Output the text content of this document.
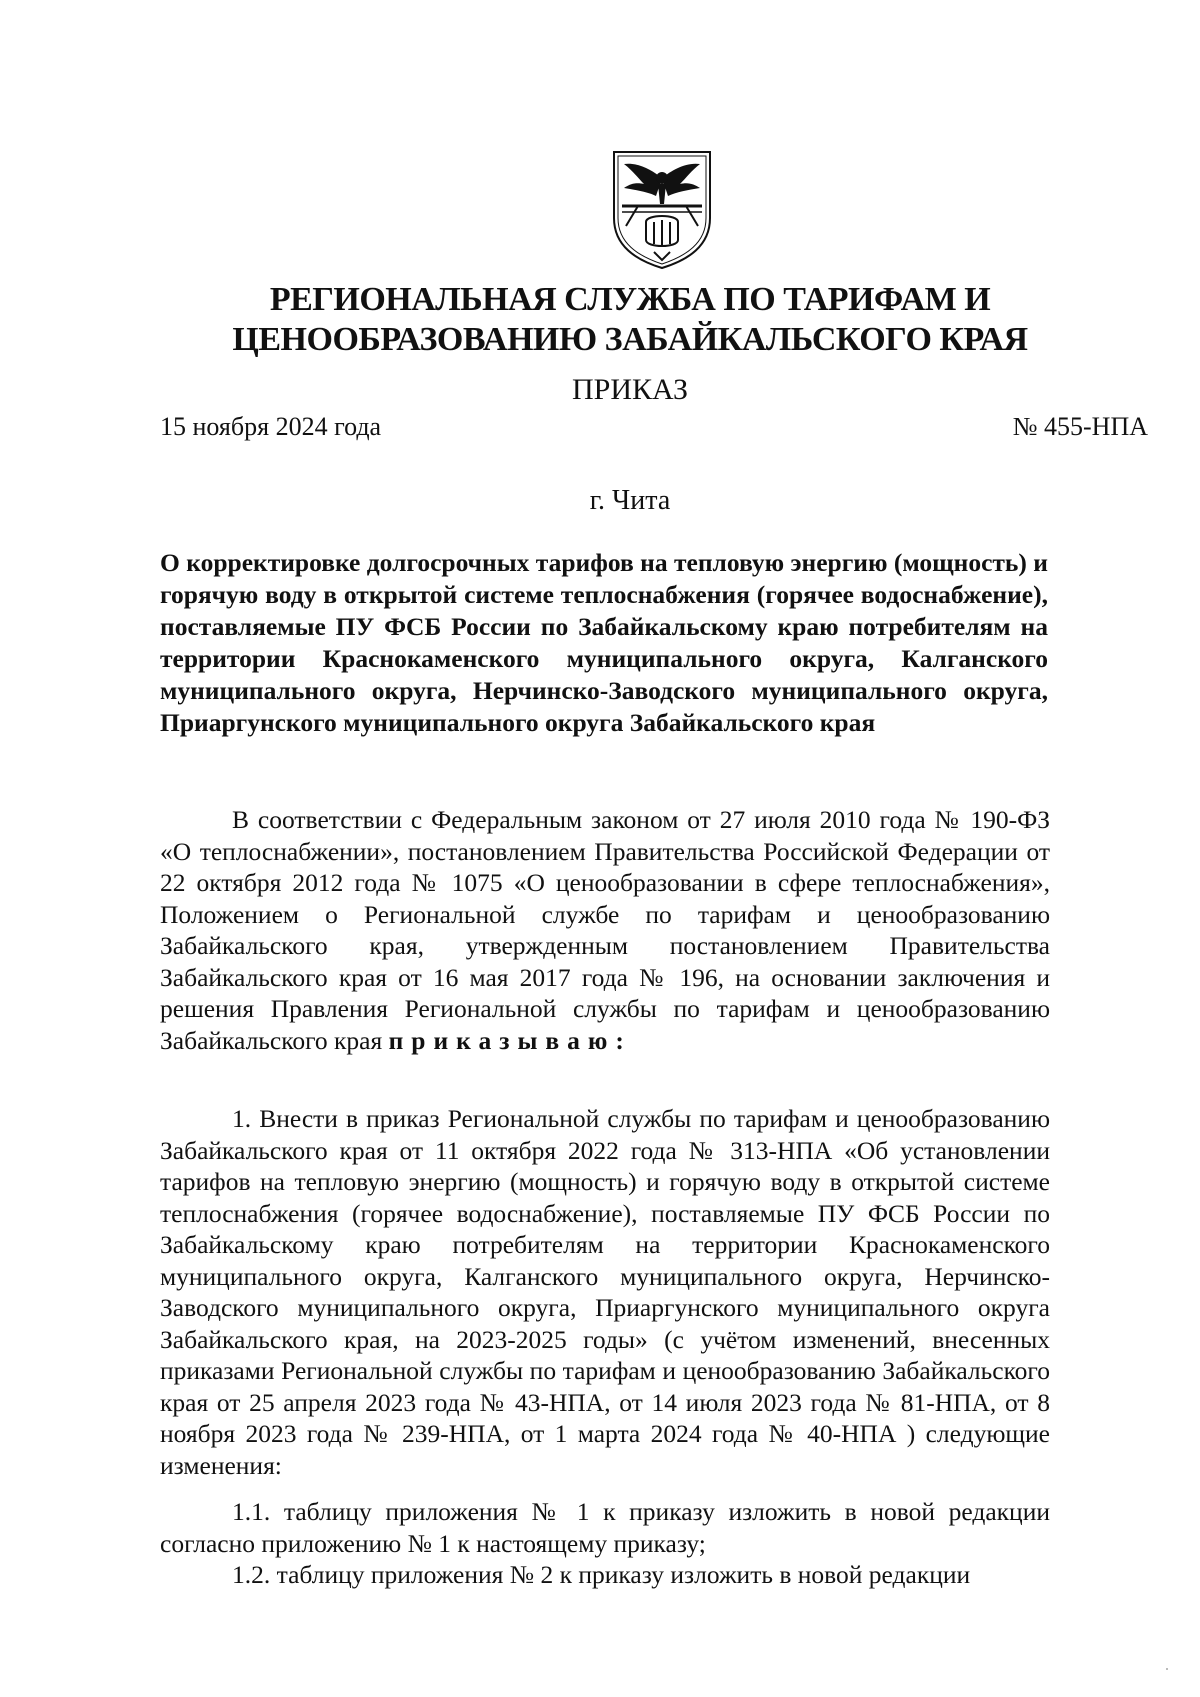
РЕГИОНАЛЬНАЯ СЛУЖБА ПО ТАРИФАМ И
ЦЕНООБРАЗОВАНИЮ ЗАБАЙКАЛЬСКОГО КРАЯ
ПРИКАЗ
15 ноября 2024 года	№ 455-НПА
г. Чита
О корректировке долгосрочных тарифов на тепловую энергию (мощность) и горячую воду в открытой системе теплоснабжения (горячее водоснабжение), поставляемые ПУ ФСБ России по Забайкальскому краю потребителям на территории Краснокаменского муниципального округа, Калганского муниципального округа, Нерчинско-Заводского муниципального округа, Приаргунского муниципального округа Забайкальского края
В соответствии с Федеральным законом от 27 июля 2010 года № 190-ФЗ «О теплоснабжении», постановлением Правительства Российской Федерации от 22 октября 2012 года № 1075 «О ценообразовании в сфере теплоснабжения», Положением о Региональной службе по тарифам и ценообразованию Забайкальского края, утвержденным постановлением Правительства Забайкальского края от 16 мая 2017 года № 196, на основании заключения и решения Правления Региональной службы по тарифам и ценообразованию Забайкальского края приказываю:
1. Внести в приказ Региональной службы по тарифам и ценообразованию Забайкальского края от 11 октября 2022 года № 313-НПА «Об установлении тарифов на тепловую энергию (мощность) и горячую воду в открытой системе теплоснабжения (горячее водоснабжение), поставляемые ПУ ФСБ России по Забайкальскому краю потребителям на территории Краснокаменского муниципального округа, Калганского муниципального округа, Нерчинско-Заводского муниципального округа, Приаргунского муниципального округа Забайкальского края, на 2023-2025 годы» (с учётом изменений, внесенных приказами Региональной службы по тарифам и ценообразованию Забайкальского края от 25 апреля 2023 года № 43-НПА, от 14 июля 2023 года № 81-НПА, от 8 ноября 2023 года № 239-НПА, от 1 марта 2024 года № 40-НПА ) следующие изменения:
1.1. таблицу приложения № 1 к приказу изложить в новой редакции согласно приложению № 1 к настоящему приказу;
1.2. таблицу приложения № 2 к приказу изложить в новой редакции
